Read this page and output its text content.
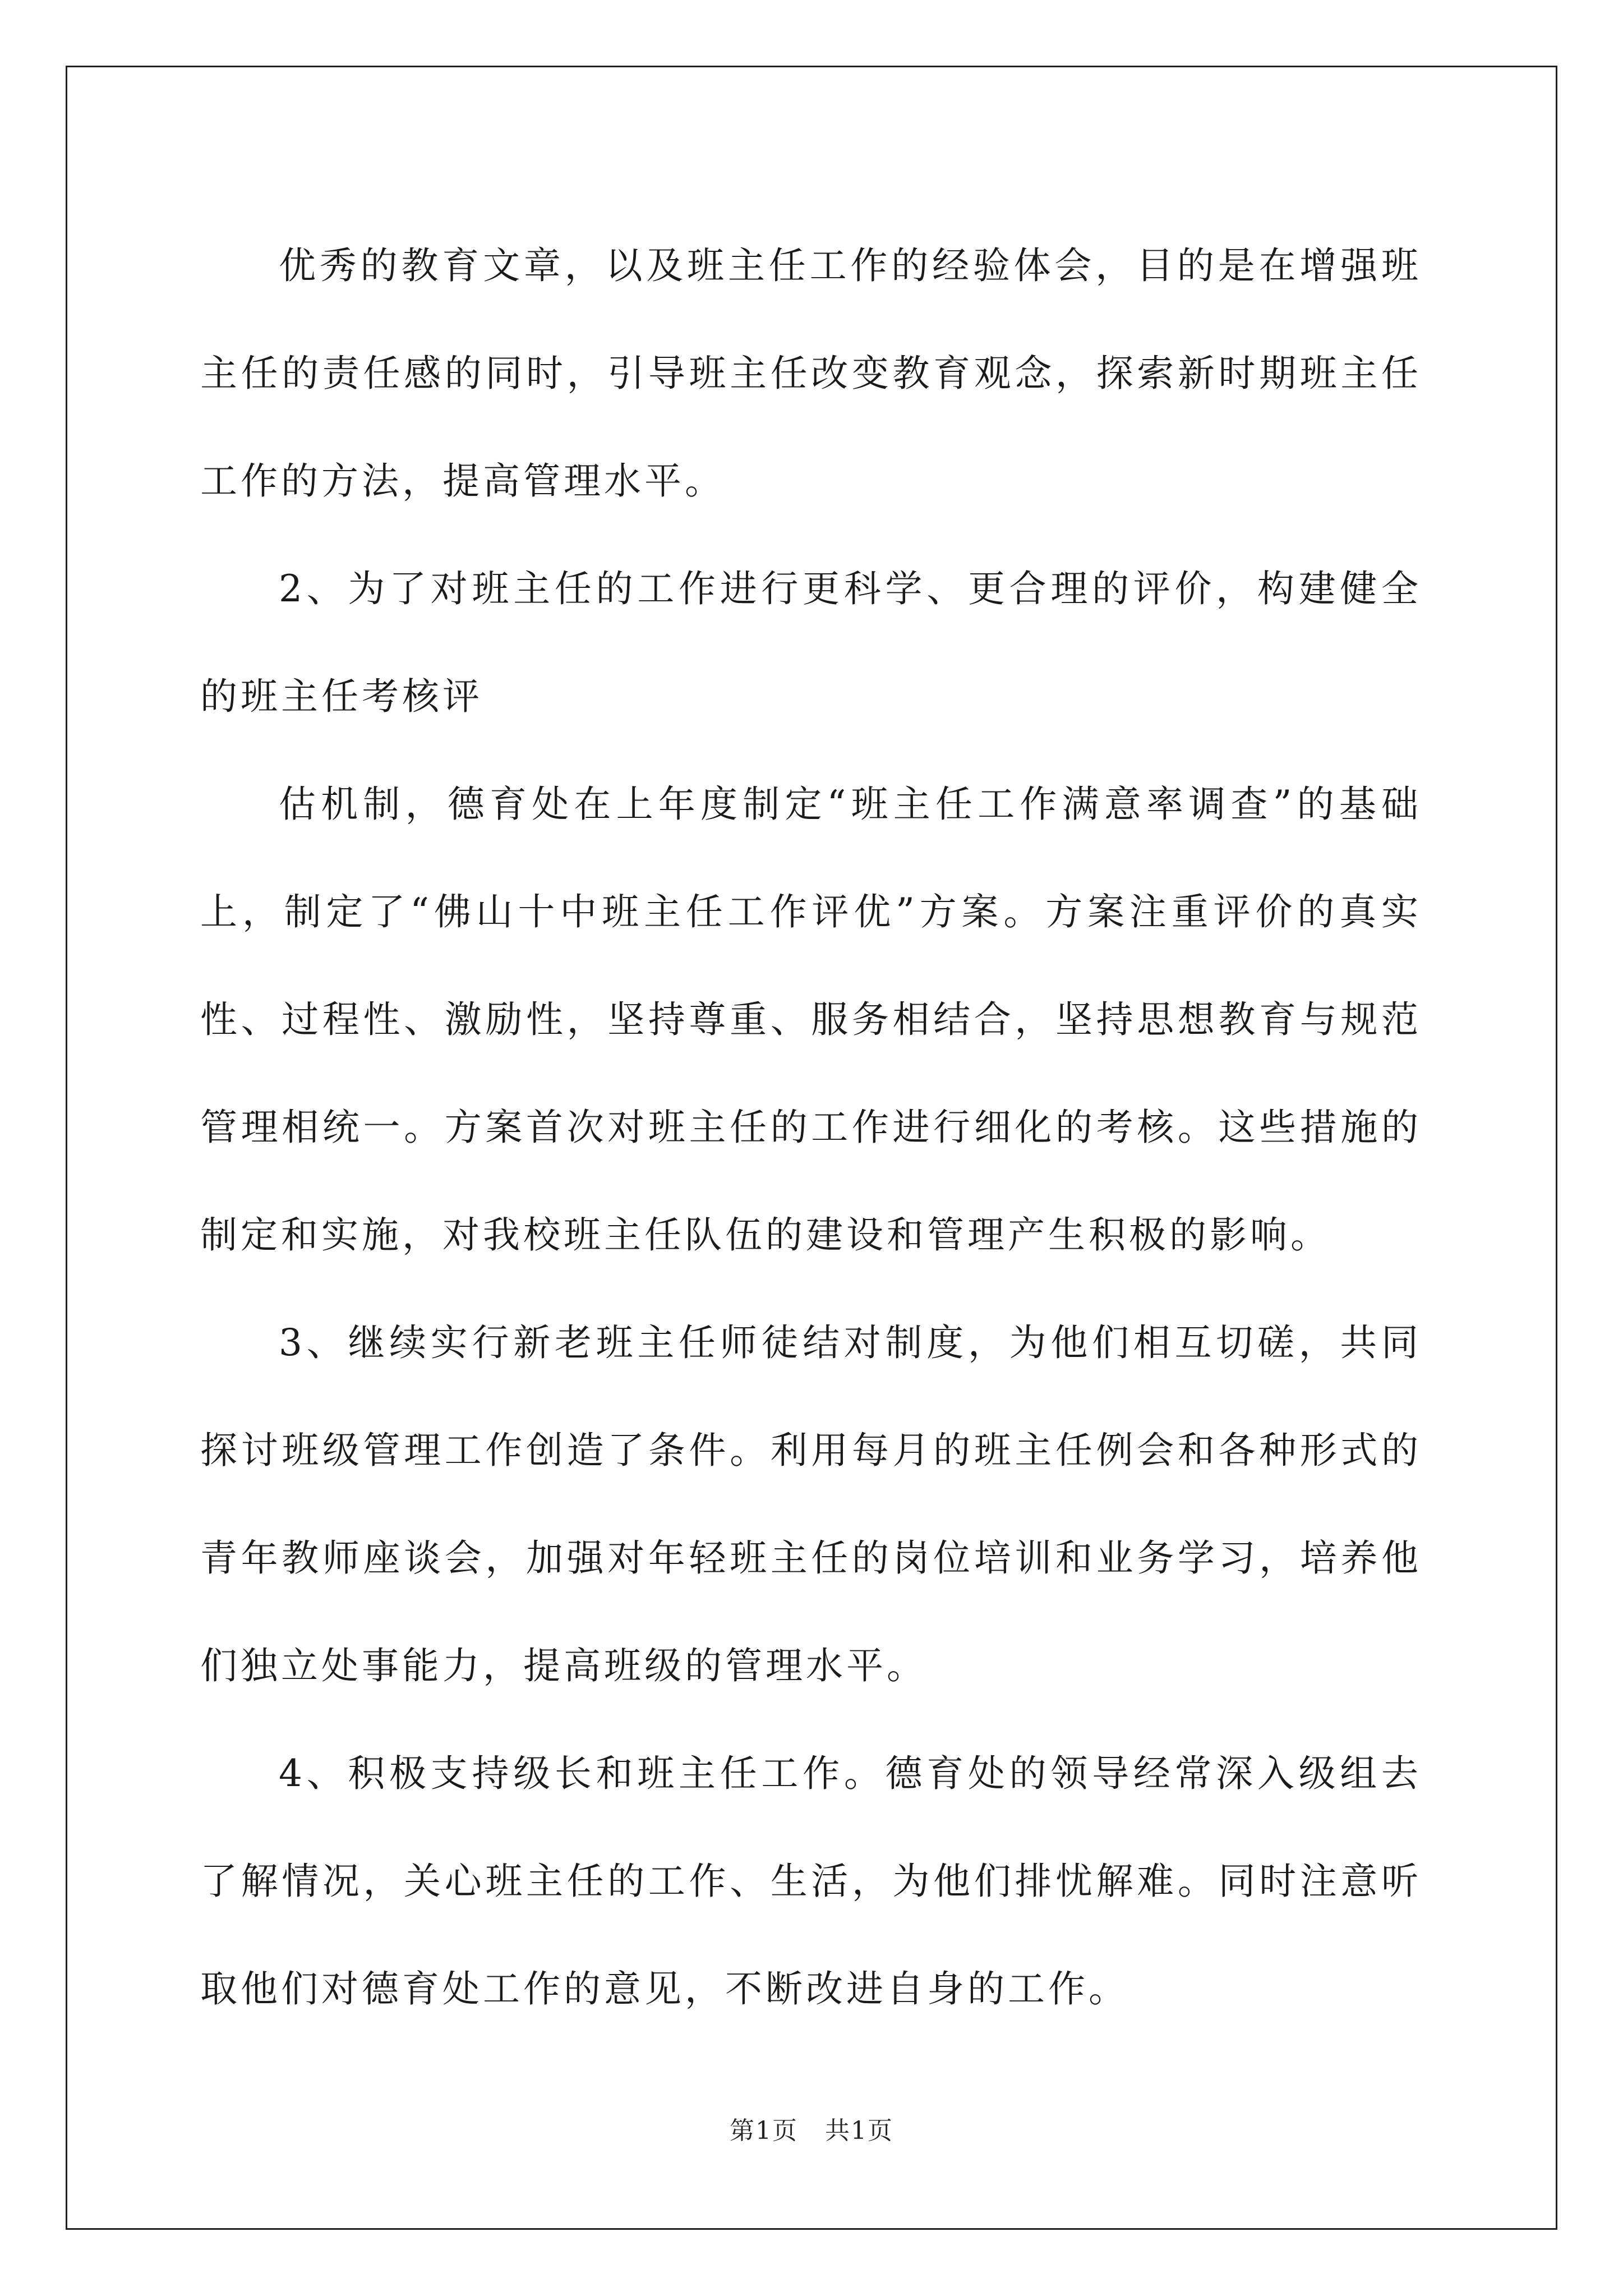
优秀的教育文章，以及班主任工作的经验体会，目的是在增强班主任的责任感的同时，引导班主任改变教育观念，探索新时期班主任工作的方法，提高管理水平。

2、为了对班主任的工作进行更科学、更合理的评价，构建健全的班主任考核评

估机制，德育处在上年度制定“班主任工作满意率调查”的基础上，制定了“佛山十中班主任工作评优”方案。方案注重评价的真实性、过程性、激励性，坚持尊重、服务相结合，坚持思想教育与规范管理相统一。方案首次对班主任的工作进行细化的考核。这些措施的制定和实施，对我校班主任队伍的建设和管理产生积极的影响。

3、继续实行新老班主任师徒结对制度，为他们相互切磋，共同探讨班级管理工作创造了条件。利用每月的班主任例会和各种形式的青年教师座谈会，加强对年轻班主任的岗位培训和业务学习，培养他们独立处事能力，提高班级的管理水平。

4、积极支持级长和班主任工作。德育处的领导经常深入级组去了解情况，关心班主任的工作、生活，为他们排忧解难。同时注意听取他们对德育处工作的意见，不断改进自身的工作。

第1页   共1页
